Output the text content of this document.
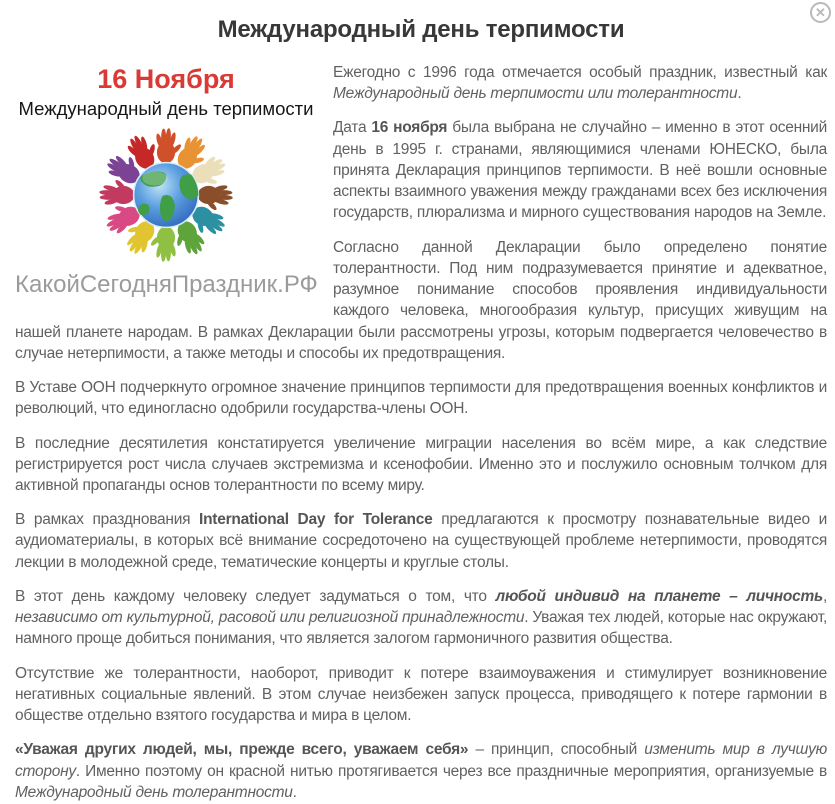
✕
Международный день терпимости
16 Ноября
Международный день терпимости
КакойСегодняПраздник.РФ

Ежегодно с 1996 года отмечается особый праздник, известный как Международный день терпимости или толерантности.

Дата 16 ноября была выбрана не случайно – именно в этот осенний день в 1995 г. странами, являющимися членами ЮНЕСКО, была принята Декларация принципов терпимости. В неё вошли основные аспекты взаимного уважения между гражданами всех без исключения государств, плюрализма и мирного существования народов на Земле.

Согласно данной Декларации было определено понятие толерантности. Под ним подразумевается принятие и адекватное, разумное понимание способов проявления индивидуальности каждого человека, многообразия культур, присущих живущим на нашей планете народам. В рамках Декларации были рассмотрены угрозы, которым подвергается человечество в случае нетерпимости, а также методы и способы их предотвращения.

В Уставе ООН подчеркнуто огромное значение принципов терпимости для предотвращения военных конфликтов и революций, что единогласно одобрили государства-члены ООН.

В последние десятилетия констатируется увеличение миграции населения во всём мире, а как следствие регистрируется рост числа случаев экстремизма и ксенофобии. Именно это и послужило основным толчком для активной пропаганды основ толерантности по всему миру.

В рамках празднования International Day for Tolerance предлагаются к просмотру познавательные видео и аудиоматериалы, в которых всё внимание сосредоточено на существующей проблеме нетерпимости, проводятся лекции в молодежной среде, тематические концерты и круглые столы.

В этот день каждому человеку следует задуматься о том, что любой индивид на планете – личность, независимо от культурной, расовой или религиозной принадлежности. Уважая тех людей, которые нас окружают, намного проще добиться понимания, что является залогом гармоничного развития общества.

Отсутствие же толерантности, наоборот, приводит к потере взаимоуважения и стимулирует возникновение негативных социальные явлений. В этом случае неизбежен запуск процесса, приводящего к потере гармонии в обществе отдельно взятого государства и мира в целом.

«Уважая других людей, мы, прежде всего, уважаем себя» – принцип, способный изменить мир в лучшую сторону. Именно поэтому он красной нитью протягивается через все праздничные мероприятия, организуемые в Международный день толерантности.
